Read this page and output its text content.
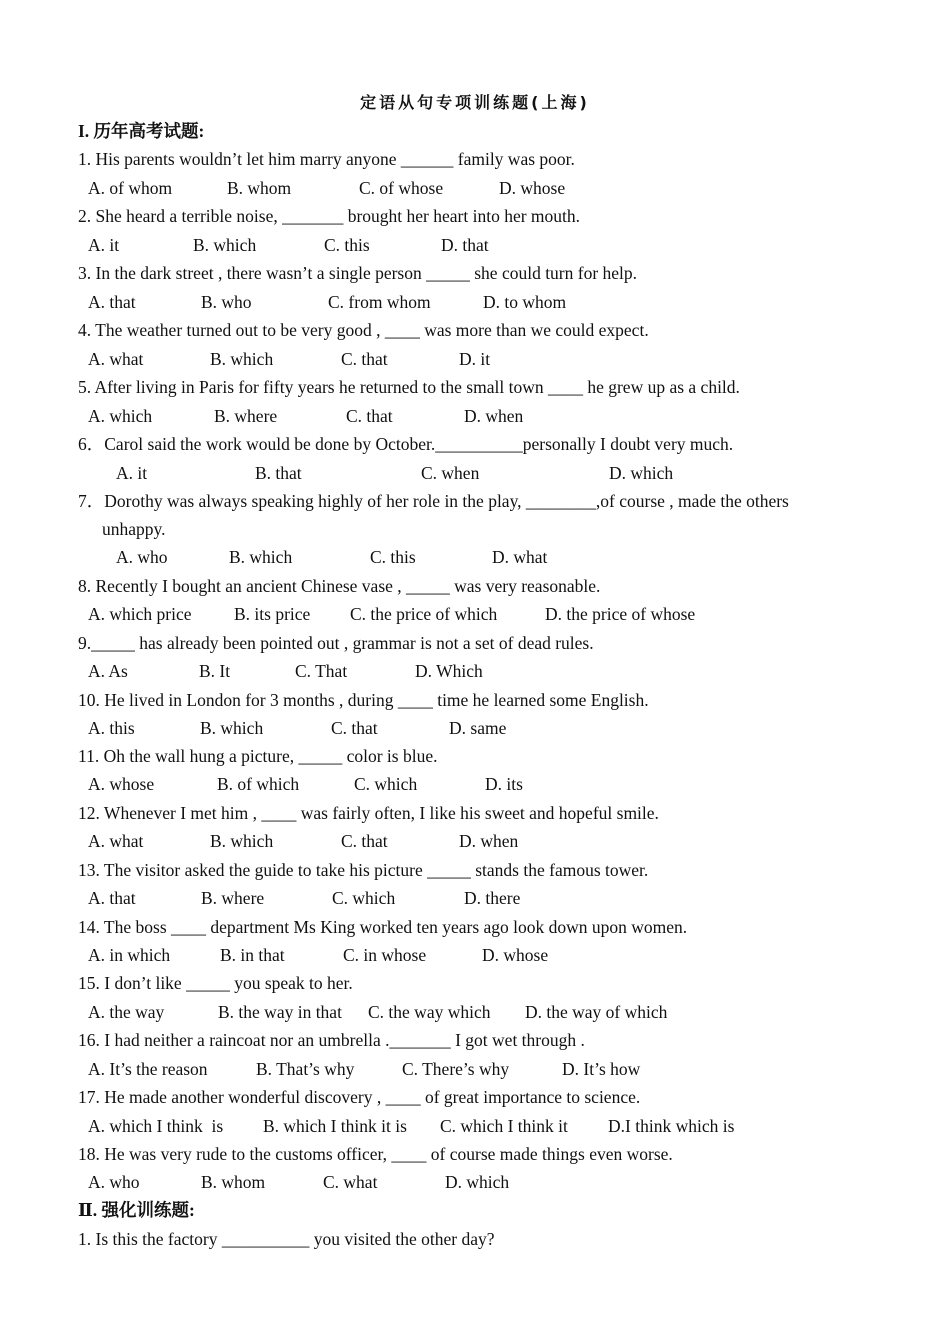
定语从句专项训练题(上海)
I. 历年高考试题:
1. His parents wouldn’t let him marry anyone ______ family was poor.
A. of whom	B. whom	C. of whose	D. whose
2. She heard a terrible noise, _______ brought her heart into her mouth.
A. it	B. which	C. this	D. that
3. In the dark street , there wasn’t a single person _____ she could turn for help.
A. that	B. who	C. from whom	D. to whom
4. The weather turned out to be very good , ____ was more than we could expect.
A. what	B. which	C. that	D. it
5. After living in Paris for fifty years he returned to the small town ____ he grew up as a child.
A. which	B. where	C. that	D. when
6．Carol said the work would be done by October.__________personally I doubt very much.
A. it	B. that	C. when	D. which
7．Dorothy was always speaking highly of her role in the play, ________,of course , made the others
unhappy.
A. who	B. which	C. this	D. what
8. Recently I bought an ancient Chinese vase , _____ was very reasonable.
A. which price B. its price C. the price of which	D. the price of whose
9._____ has already been pointed out , grammar is not a set of dead rules.
A. As	B. It	C. That	D. Which
10. He lived in London for 3 months , during ____ time he learned some English.
A. this	B. which	C. that	D. same
11. Oh the wall hung a picture, _____ color is blue.
A. whose	B. of which	C. which	D. its
12. Whenever I met him , ____ was fairly often, I like his sweet and hopeful smile.
A. what	B. which	C. that	D. when
13. The visitor asked the guide to take his picture _____ stands the famous tower.
A. that	B. where	C. which	D. there
14. The boss ____ department Ms King worked ten years ago look down upon women.
A. in which	B. in that	C. in whose	D. whose
15. I don’t like _____ you speak to her.
A. the way	B. the way in that C. the way which D. the way of which
16. I had neither a raincoat nor an umbrella ._______ I got wet through .
A. It’s the reason	B. That’s why	C. There’s why	D. It’s how
17. He made another wonderful discovery , ____ of great importance to science.
A. which I think  is B. which I think it is C. which I think it D.I think which is
18. He was very rude to the customs officer, ____ of course made things even worse.
A. who	B. whom	C. what	D. which
Ⅱ. 强化训练题:
1. Is this the factory __________ you visited the other day?
